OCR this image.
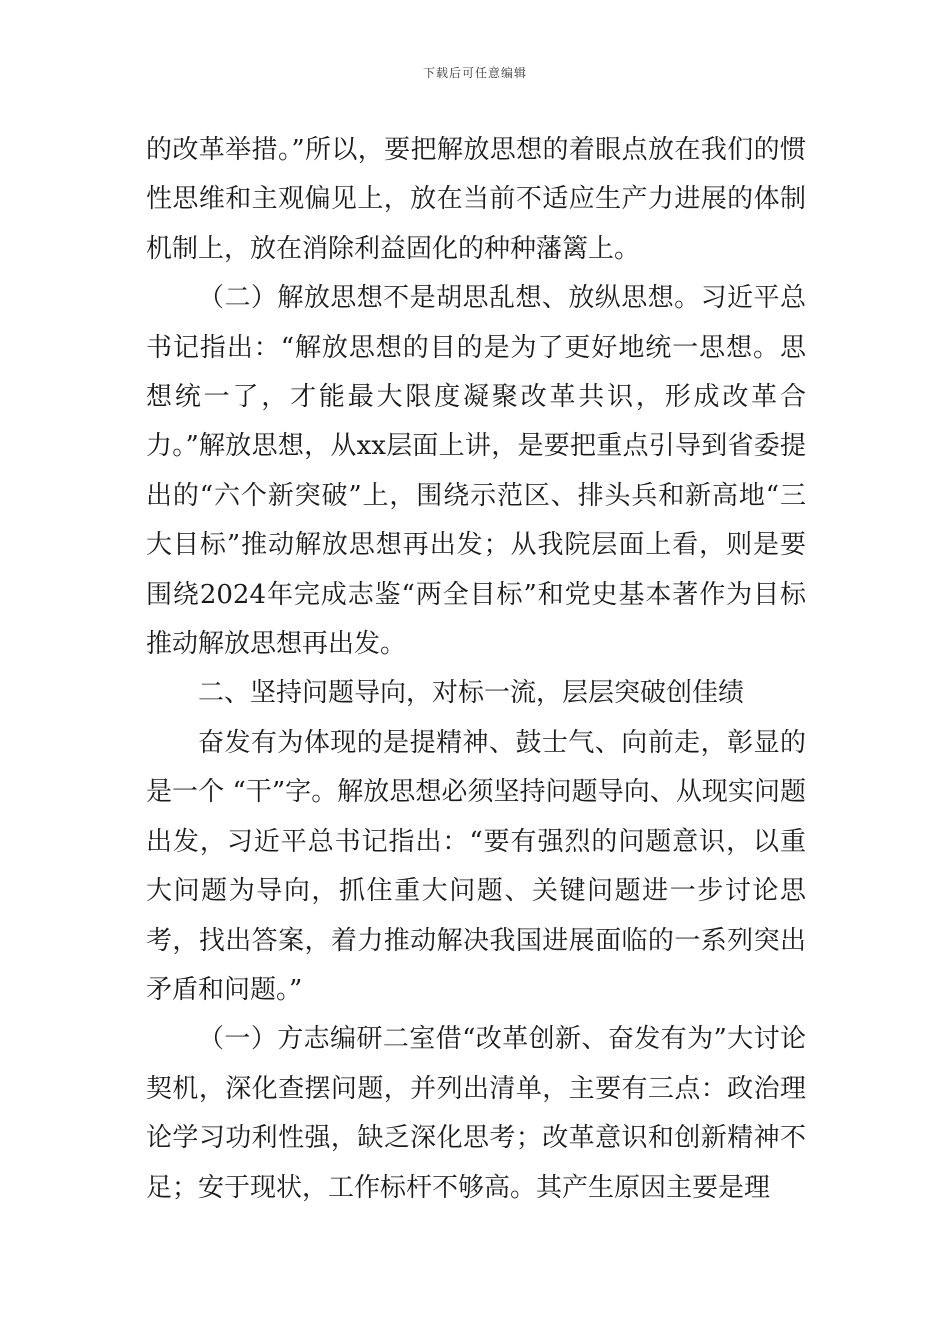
下载后可任意编辑

的改革举措。”所以，要把解放思想的着眼点放在我们的惯性思维和主观偏见上，放在当前不适应生产力进展的体制机制上，放在消除利益固化的种种藩篱上。

（二）解放思想不是胡思乱想、放纵思想。习近平总书记指出：“解放思想的目的是为了更好地统一思想。思想统一了，才能最大限度凝聚改革共识，形成改革合力。”解放思想，从xx层面上讲，是要把重点引导到省委提出的“六个新突破”上，围绕示范区、排头兵和新高地“三大目标”推动解放思想再出发；从我院层面上看，则是要围绕2024年完成志鉴“两全目标”和党史基本著作为目标推动解放思想再出发。

二、坚持问题导向，对标一流，层层突破创佳绩

奋发有为体现的是提精神、鼓士气、向前走，彰显的是一个 “干”字。解放思想必须坚持问题导向、从现实问题出发，习近平总书记指出：“要有强烈的问题意识，以重大问题为导向，抓住重大问题、关键问题进一步讨论思考，找出答案，着力推动解决我国进展面临的一系列突出矛盾和问题。”

（一）方志编研二室借“改革创新、奋发有为”大讨论契机，深化查摆问题，并列出清单，主要有三点：政治理论学习功利性强，缺乏深化思考；改革意识和创新精神不足；安于现状，工作标杆不够高。其产生原因主要是理
